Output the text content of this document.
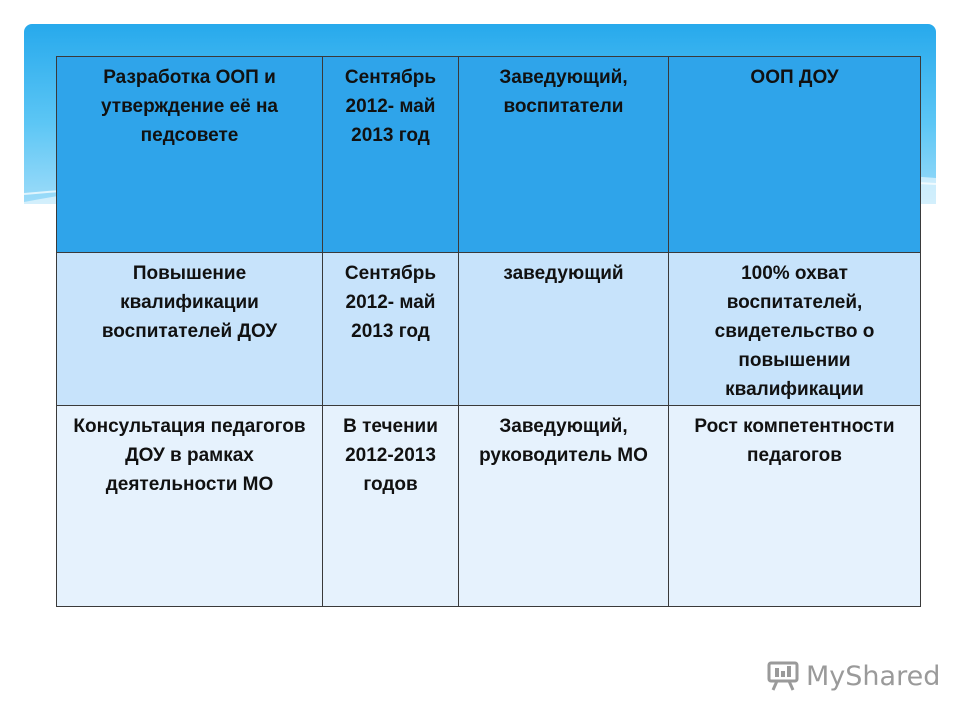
Разработка ООП и утверждение её на педсовете	Сентябрь 2012- май 2013 год	Заведующий, воспитатели	ООП ДОУ
Повышение квалификации воспитателей ДОУ	Сентябрь 2012- май 2013 год	заведующий	100% охват воспитателей, свидетельство о повышении квалификации
Консультация педагогов ДОУ в рамках деятельности МО	В течении 2012-2013 годов	Заведующий, руководитель МО	Рост компетентности педагогов
MyShared
